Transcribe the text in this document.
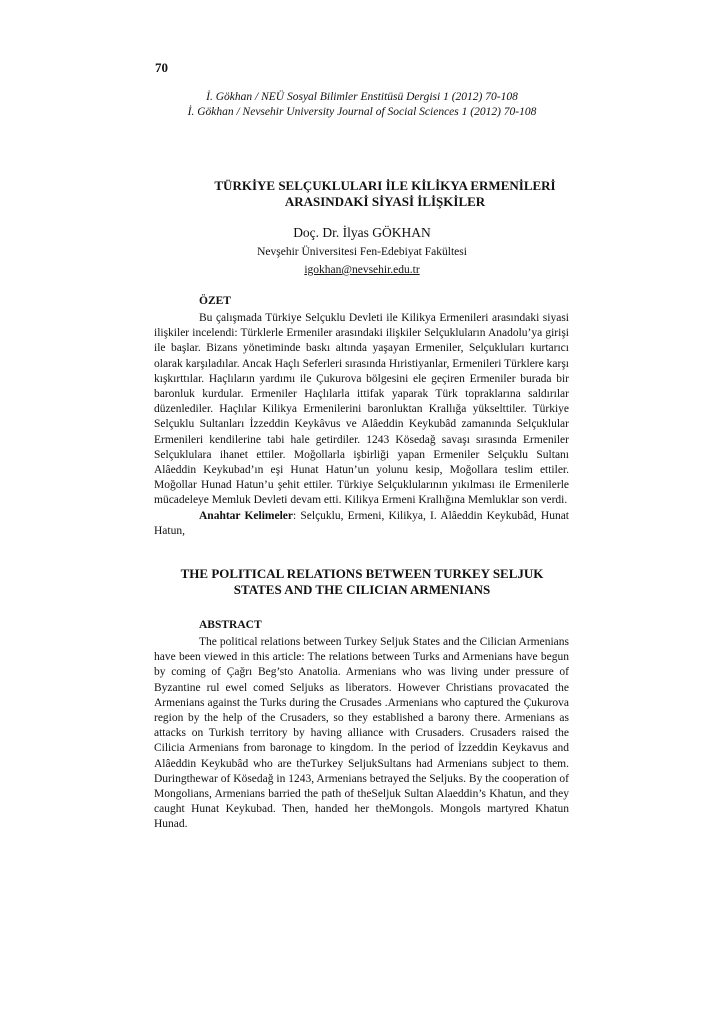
70
İ. Gökhan / NEÜ Sosyal Bilimler Enstitüsü Dergisi 1 (2012) 70-108
İ. Gökhan / Nevsehir University Journal of Social Sciences 1 (2012) 70-108
TÜRKİYE SELÇUKLULARI İLE KİLİKYA ERMENİLERİ
ARASINDAKİ SİYASİ İLİŞKİLER
Doç. Dr. İlyas GÖKHAN
Nevşehir Üniversitesi Fen-Edebiyat Fakültesi
igokhan@nevsehir.edu.tr
ÖZET

Bu çalışmada Türkiye Selçuklu Devleti ile Kilikya Ermenileri arasındaki siyasi ilişkiler incelendi: Türklerle Ermeniler arasındaki ilişkiler Selçukluların Anadolu’ya girişi ile başlar. Bizans yönetiminde baskı altında yaşayan Ermeniler, Selçukluları kurtarıcı olarak karşıladılar. Ancak Haçlı Seferleri sırasında Hıristiyanlar, Ermenileri Türklere karşı kışkırttılar. Haçlıların yardımı ile Çukurova bölgesini ele geçiren Ermeniler burada bir baronluk kurdular. Ermeniler Haçlılarla ittifak yaparak Türk topraklarına saldırılar düzenlediler. Haçlılar Kilikya Ermenilerini baronluktan Krallığa yükselttiler. Türkiye Selçuklu Sultanları İzzeddin Keykâvus ve Alâeddin Keykubâd zamanında Selçuklular Ermenileri kendilerine tabi hale getirdiler. 1243 Kösedağ savaşı sırasında Ermeniler Selçuklulara ihanet ettiler. Moğollarla işbirliği yapan Ermeniler Selçuklu Sultanı Alâeddin Keykubad’ın eşi Hunat Hatun’un yolunu kesip, Moğollara teslim ettiler. Moğollar Hunad Hatun’u şehit ettiler. Türkiye Selçuklularının yıkılması ile Ermenilerle mücadeleye Memluk Devleti devam etti. Kilikya Ermeni Krallığına Memluklar son verdi.

Anahtar Kelimeler: Selçuklu, Ermeni, Kilikya, I. Alâeddin Keykubâd, Hunat Hatun,

THE POLITICAL RELATIONS BETWEEN TURKEY SELJUK
STATES AND THE CILICIAN ARMENIANS
ABSTRACT

The political relations between Turkey Seljuk States and the Cilician Armenians have been viewed in this article: The relations between Turks and Armenians have begun by coming of Çağrı Beg’sto Anatolia. Armenians who was living under pressure of Byzantine rul ewel comed Seljuks as liberators. However Christians provacated the Armenians against the Turks during the Crusades .Armenians who captured the Çukurova region by the help of the Crusaders, so they established a barony there. Armenians as attacks on Turkish territory by having alliance with Crusaders. Crusaders raised the Cilicia Armenians from baronage to kingdom. In the period of İzzeddin Keykavus and Alâeddin Keykubâd who are theTurkey SeljukSultans had Armenians subject to them. Duringthewar of Kösedağ in 1243, Armenians betrayed the Seljuks. By the cooperation of Mongolians, Armenians barried the path of theSeljuk Sultan Alaeddin’s Khatun, and they caught Hunat Keykubad. Then, handed her theMongols. Mongols martyred Khatun Hunad.
